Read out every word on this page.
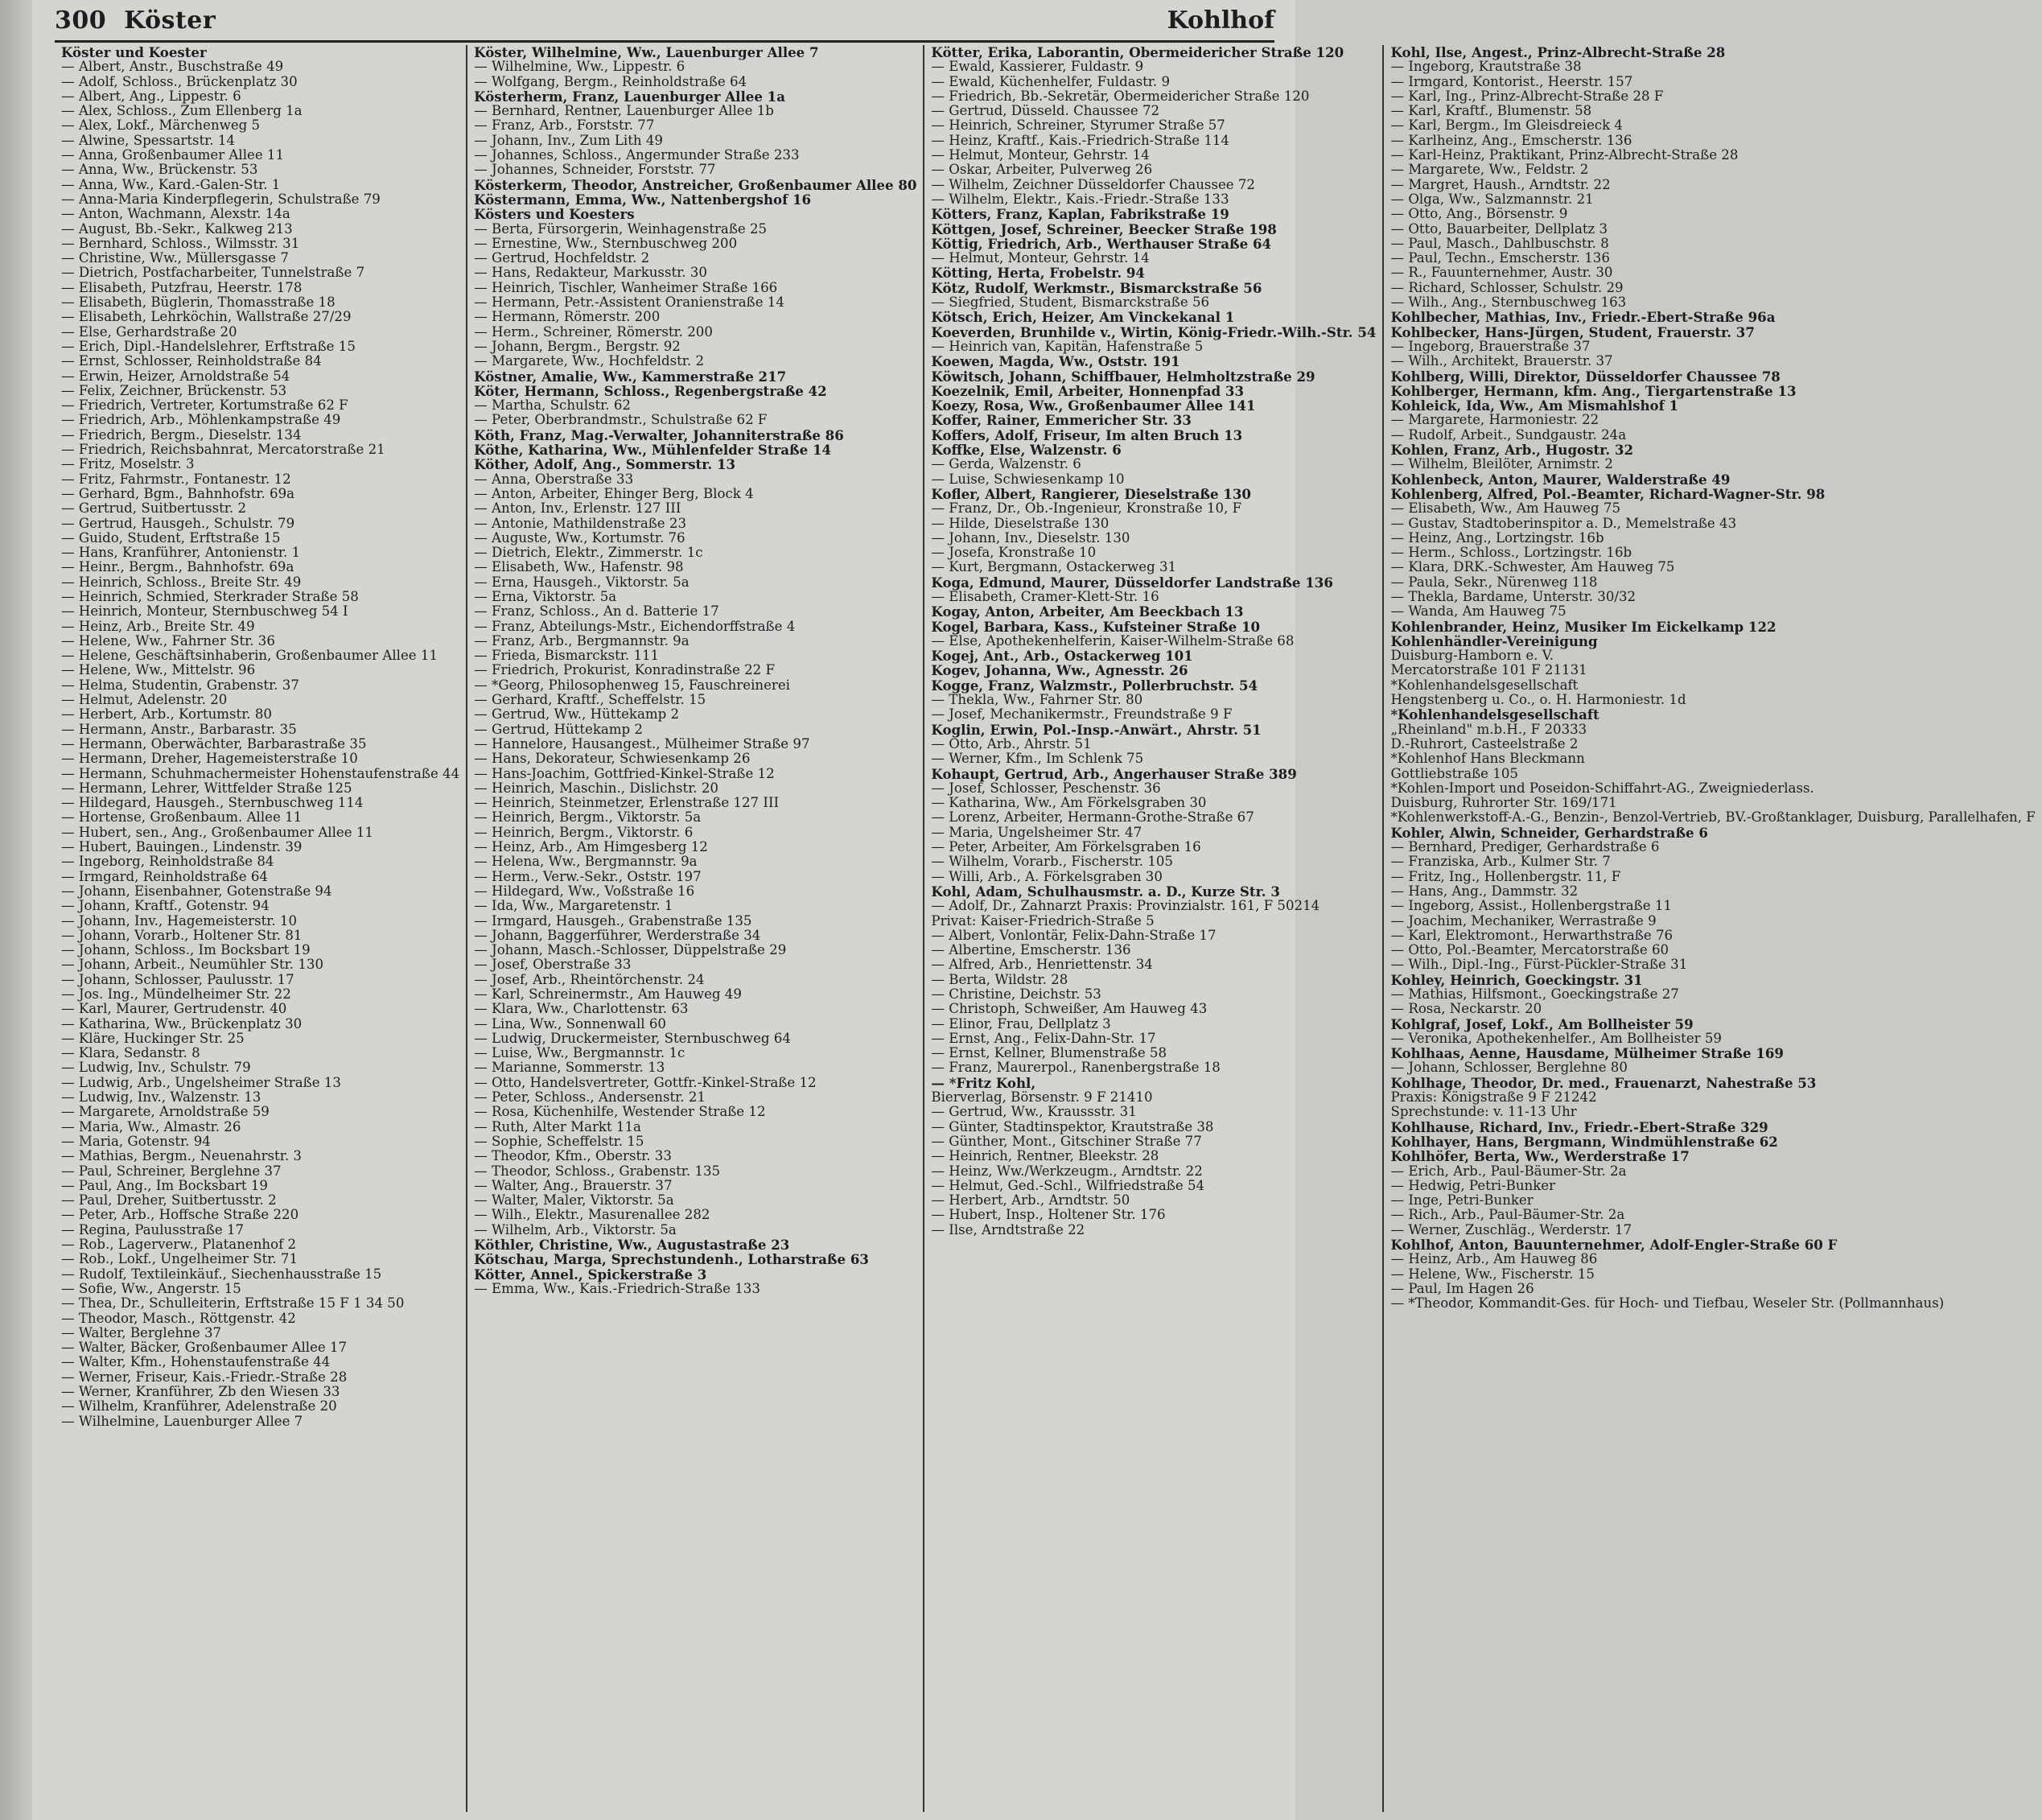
300 Köster	Kohlhof
Köster und Koester
— Albert, Anstr., Buschstraße 49
— Adolf, Schloss., Brückenplatz 30
— Albert, Ang., Lippestr. 6
— Alex, Schloss., Zum Ellenberg 1a
— Alex, Lokf., Märchenweg 5
— Alwine, Spessartstr. 14
— Anna, Großenbaumer Allee 11
— Anna, Ww., Brückenstr. 53
— Anna, Ww., Kard.-Galen-Str. 1
— Anna-Maria Kinderpflegerin, Schulstraße 79
— Anton, Wachmann, Alexstr. 14a
— August, Bb.-Sekr., Kalkweg 213
— Bernhard, Schloss., Wilmsstr. 31
— Christine, Ww., Müllersgasse 7
— Dietrich, Postfacharbeiter, Tunnelstraße 7
— Elisabeth, Putzfrau, Heerstr. 178
— Elisabeth, Büglerin, Thomasstraße 18
— Elisabeth, Lehrköchin, Wallstraße 27/29
— Else, Gerhardstraße 20
— Erich, Dipl.-Handelslehrer, Erftstraße 15
— Ernst, Schlosser, Reinholdstraße 84
— Erwin, Heizer, Arnoldstraße 54
— Felix, Zeichner, Brückenstr. 53
— Friedrich, Vertreter, Kortumstraße 62 F
— Friedrich, Arb., Möhlenkampstraße 49
— Friedrich, Bergm., Dieselstr. 134
— Friedrich, Reichsbahnrat, Mercatorstraße 21
— Fritz, Moselstr. 3
— Fritz, Fahrmstr., Fontanestr. 12
— Gerhard, Bgm., Bahnhofstr. 69a
— Gertrud, Suitbertusstr. 2
— Gertrud, Hausgeh., Schulstr. 79
— Guido, Student, Erftstraße 15
— Hans, Kranführer, Antonienstr. 1
— Heinr., Bergm., Bahnhofstr. 69a
— Heinrich, Schloss., Breite Str. 49
— Heinrich, Schmied, Sterkrader Straße 58
— Heinrich, Monteur, Sternbuschweg 54 I
— Heinz, Arb., Breite Str. 49
— Helene, Ww., Fahrner Str. 36
— Helene, Geschäftsinhaberin, Großenbaumer Allee 11
— Helene, Ww., Mittelstr. 96
— Helma, Studentin, Grabenstr. 37
— Helmut, Adelenstr. 20
— Herbert, Arb., Kortumstr. 80
— Hermann, Anstr., Barbarastr. 35
— Hermann, Oberwächter, Barbarastraße 35
— Hermann, Dreher, Hagemeisterstraße 10
— Hermann, Schuhmachermeister Hohenstaufenstraße 44
— Hermann, Lehrer, Wittfelder Straße 125
— Hildegard, Hausgeh., Sternbuschweg 114
— Hortense, Großenbaum. Allee 11
— Hubert, sen., Ang., Großenbaumer Allee 11
— Hubert, Bauingen., Lindenstr. 39
— Ingeborg, Reinholdstraße 84
— Irmgard, Reinholdstraße 64
— Johann, Eisenbahner, Gotenstraße 94
— Johann, Kraftf., Gotenstr. 94
— Johann, Inv., Hagemeisterstr. 10
— Johann, Vorarb., Holtener Str. 81
— Johann, Schloss., Im Bocksbart 19
— Johann, Arbeit., Neumühler Str. 130
— Johann, Schlosser, Paulusstr. 17
— Jos. Ing., Mündelheimer Str. 22
— Karl, Maurer, Gertrudenstr. 40
— Katharina, Ww., Brückenplatz 30
— Kläre, Huckinger Str. 25
— Klara, Sedanstr. 8
— Ludwig, Inv., Schulstr. 79
— Ludwig, Arb., Ungelsheimer Straße 13
— Ludwig, Inv., Walzenstr. 13
— Margarete, Arnoldstraße 59
— Maria, Ww., Almastr. 26
— Maria, Gotenstr. 94
— Mathias, Bergm., Neuenahrstr. 3
— Paul, Schreiner, Berglehne 37
— Paul, Ang., Im Bocksbart 19
— Paul, Dreher, Suitbertusstr. 2
— Peter, Arb., Hoffsche Straße 220
— Regina, Paulusstraße 17
— Rob., Lagerverw., Platanenhof 2
— Rob., Lokf., Ungelheimer Str. 71
— Rudolf, Textileinkäuf., Siechenhausstraße 15
— Sofie, Ww., Angerstr. 15
— Thea, Dr., Schulleiterin, Erftstraße 15 F 1 34 50
— Theodor, Masch., Röttgenstr. 42
— Walter, Berglehne 37
— Walter, Bäcker, Großenbaumer Allee 17
— Walter, Kfm., Hohenstaufenstraße 44
— Werner, Friseur, Kais.-Friedr.-Straße 28
— Werner, Kranführer, Zb den Wiesen 33
— Wilhelm, Kranführer, Adelenstraße 20
— Wilhelmine, Lauenburger Allee 7
Köster, Wilhelmine, Ww., Lauenburger Allee 7
— Wilhelmine, Ww., Lippestr. 6
— Wolfgang, Bergm., Reinholdstraße 64
Kösterherm, Franz, Lauenburger Allee 1a
— Bernhard, Rentner, Lauenburger Allee 1b
— Franz, Arb., Forststr. 77
— Johann, Inv., Zum Lith 49
— Johannes, Schloss., Angermunder Straße 233
— Johannes, Schneider, Forststr. 77
Kösterkerm, Theodor, Anstreicher, Großenbaumer Allee 80
Köstermann, Emma, Ww., Nattenbergshof 16
Kösters und Koesters
— Berta, Fürsorgerin, Weinhagenstraße 25
— Ernestine, Ww., Sternbuschweg 200
— Gertrud, Hochfeldstr. 2
— Hans, Redakteur, Markusstr. 30
— Heinrich, Tischler, Wanheimer Straße 166
— Hermann, Petr.-Assistent Oranienstraße 14
— Hermann, Römerstr. 200
— Herm., Schreiner, Römerstr. 200
— Johann, Bergm., Bergstr. 92
— Margarete, Ww., Hochfeldstr. 2
Köstner, Amalie, Ww., Kammerstraße 217
Köter, Hermann, Schloss., Regenbergstraße 42
— Martha, Schulstr. 62
— Peter, Oberbrandmstr., Schulstraße 62 F
Köth, Franz, Mag.-Verwalter, Johanniterstraße 86
Köthe, Katharina, Ww., Mühlenfelder Straße 14
Köther, Adolf, Ang., Sommerstr. 13
— Anna, Oberstraße 33
— Anton, Arbeiter, Ehinger Berg, Block 4
— Anton, Inv., Erlenstr. 127 III
— Antonie, Mathildenstraße 23
— Auguste, Ww., Kortumstr. 76
— Dietrich, Elektr., Zimmerstr. 1c
— Elisabeth, Ww., Hafenstr. 98
— Erna, Hausgeh., Viktorstr. 5a
— Erna, Viktorstr. 5a
— Franz, Schloss., An d. Batterie 17
— Franz, Abteilungs-Mstr., Eichendorffstraße 4
— Franz, Arb., Bergmannstr. 9a
— Frieda, Bismarckstr. 111
— Friedrich, Prokurist, Konradinstraße 22 F
— *Georg, Philosophenweg 15, Fauschreinerei
— Gerhard, Kraftf., Scheffelstr. 15
— Gertrud, Ww., Hüttekamp 2
— Gertrud, Hüttekamp 2
— Hannelore, Hausangest., Mülheimer Straße 97
— Hans, Dekorateur, Schwiesenkamp 26
— Hans-Joachim, Gottfried-Kinkel-Straße 12
— Heinrich, Maschin., Dislichstr. 20
— Heinrich, Steinmetzer, Erlenstraße 127 III
— Heinrich, Bergm., Viktorstr. 5a
— Heinrich, Bergm., Viktorstr. 6
— Heinz, Arb., Am Himgesberg 12
— Helena, Ww., Bergmannstr. 9a
— Herm., Verw.-Sekr., Oststr. 197
— Hildegard, Ww., Voßstraße 16
— Ida, Ww., Margaretenstr. 1
— Irmgard, Hausgeh., Grabenstraße 135
— Johann, Baggerführer, Werderstraße 34
— Johann, Masch.-Schlosser, Düppelstraße 29
— Josef, Oberstraße 33
— Josef, Arb., Rheintörchenstr. 24
— Karl, Schreinermstr., Am Hauweg 49
— Klara, Ww., Charlottenstr. 63
— Lina, Ww., Sonnenwall 60
— Ludwig, Druckermeister, Sternbuschweg 64
— Luise, Ww., Bergmannstr. 1c
— Marianne, Sommerstr. 13
— Otto, Handelsvertreter, Gottfr.-Kinkel-Straße 12
— Peter, Schloss., Andersenstr. 21
— Rosa, Küchenhilfe, Westender Straße 12
— Ruth, Alter Markt 11a
— Sophie, Scheffelstr. 15
— Theodor, Kfm., Oberstr. 33
— Theodor, Schloss., Grabenstr. 135
— Walter, Ang., Brauerstr. 37
— Walter, Maler, Viktorstr. 5a
— Wilh., Elektr., Masurenallee 282
— Wilhelm, Arb., Viktorstr. 5a
Köthler, Christine, Ww., Augustastraße 23
Kötschau, Marga, Sprechstundenh., Lotharstraße 63
Kötter, Annel., Spickerstraße 3
— Emma, Ww., Kais.-Friedrich-Straße 133
Kötter, Erika, Laborantin, Obermeidericher Straße 120
— Ewald, Kassierer, Fuldastr. 9
— Ewald, Küchenhelfer, Fuldastr. 9
— Friedrich, Bb.-Sekretär, Obermeidericher Straße 120
— Gertrud, Düsseld. Chaussee 72
— Heinrich, Schreiner, Styrumer Straße 57
— Heinz, Kraftf., Kais.-Friedrich-Straße 114
— Helmut, Monteur, Gehrstr. 14
— Oskar, Arbeiter, Pulverweg 26
— Wilhelm, Zeichner Düsseldorfer Chaussee 72
— Wilhelm, Elektr., Kais.-Friedr.-Straße 133
Kötters, Franz, Kaplan, Fabrikstraße 19
Köttgen, Josef, Schreiner, Beecker Straße 198
Köttig, Friedrich, Arb., Werthauser Straße 64
— Helmut, Monteur, Gehrstr. 14
Kötting, Herta, Frobelstr. 94
Kötz, Rudolf, Werkmstr., Bismarckstraße 56
— Siegfried, Student, Bismarckstraße 56
Kötsch, Erich, Heizer, Am Vinckekanal 1
Koeverden, Brunhilde v., Wirtin, König-Friedr.-Wilh.-Str. 54
— Heinrich van, Kapitän, Hafenstraße 5
Koewen, Magda, Ww., Oststr. 191
Köwitsch, Johann, Schiffbauer, Helmholtzstraße 29
Koezelnik, Emil, Arbeiter, Honnenpfad 33
Koezy, Rosa, Ww., Großenbaumer Allee 141
Koffer, Rainer, Emmericher Str. 33
Koffers, Adolf, Friseur, Im alten Bruch 13
Koffke, Else, Walzenstr. 6
— Gerda, Walzenstr. 6
— Luise, Schwiesenkamp 10
Kofler, Albert, Rangierer, Dieselstraße 130
— Franz, Dr., Ob.-Ingenieur, Kronstraße 10, F
— Hilde, Dieselstraße 130
— Johann, Inv., Dieselstr. 130
— Josefa, Kronstraße 10
— Kurt, Bergmann, Ostackerweg 31
Koga, Edmund, Maurer, Düsseldorfer Landstraße 136
— Elisabeth, Cramer-Klett-Str. 16
Kogay, Anton, Arbeiter, Am Beeckbach 13
Kogel, Barbara, Kass., Kufsteiner Straße 10
— Else, Apothekenhelferin, Kaiser-Wilhelm-Straße 68
Kogej, Ant., Arb., Ostackerweg 101
Kogev, Johanna, Ww., Agnesstr. 26
Kogge, Franz, Walzmstr., Pollerbruchstr. 54
— Thekla, Ww., Fahrner Str. 80
— Josef, Mechanikermstr., Freundstraße 9 F
Koglin, Erwin, Pol.-Insp.-Anwärt., Ahrstr. 51
— Otto, Arb., Ahrstr. 51
— Werner, Kfm., Im Schlenk 75
Kohaupt, Gertrud, Arb., Angerhauser Straße 389
— Josef, Schlosser, Peschenstr. 36
— Katharina, Ww., Am Förkelsgraben 30
— Lorenz, Arbeiter, Hermann-Grothe-Straße 67
— Maria, Ungelsheimer Str. 47
— Peter, Arbeiter, Am Förkelsgraben 16
— Wilhelm, Vorarb., Fischerstr. 105
— Willi, Arb., A. Förkelsgraben 30
Kohl, Adam, Schulhausmstr. a. D., Kurze Str. 3
— Adolf, Dr., Zahnarzt Praxis: Provinzialstr. 161, F 50214
Privat: Kaiser-Friedrich-Straße 5
— Albert, Vonlontär, Felix-Dahn-Straße 17
— Albertine, Emscherstr. 136
— Alfred, Arb., Henriettenstr. 34
— Berta, Wildstr. 28
— Christine, Deichstr. 53
— Christoph, Schweißer, Am Hauweg 43
— Elinor, Frau, Dellplatz 3
— Ernst, Ang., Felix-Dahn-Str. 17
— Ernst, Kellner, Blumenstraße 58
— Franz, Maurerpol., Ranenbergstraße 18
— *Fritz Kohl,
Bierverlag, Börsenstr. 9 F 21410
— Gertrud, Ww., Kraussstr. 31
— Günter, Stadtinspektor, Krautstraße 38
— Günther, Mont., Gitschiner Straße 77
— Heinrich, Rentner, Bleekstr. 28
— Heinz, Ww./Werkzeugm., Arndtstr. 22
— Helmut, Ged.-Schl., Wilfriedstraße 54
— Herbert, Arb., Arndtstr. 50
— Hubert, Insp., Holtener Str. 176
— Ilse, Arndtstraße 22
Kohl, Ilse, Angest., Prinz-Albrecht-Straße 28
— Ingeborg, Krautstraße 38
— Irmgard, Kontorist., Heerstr. 157
— Karl, Ing., Prinz-Albrecht-Straße 28 F
— Karl, Kraftf., Blumenstr. 58
— Karl, Bergm., Im Gleisdreieck 4
— Karlheinz, Ang., Emscherstr. 136
— Karl-Heinz, Praktikant, Prinz-Albrecht-Straße 28
— Margarete, Ww., Feldstr. 2
— Margret, Haush., Arndtstr. 22
— Olga, Ww., Salzmannstr. 21
— Otto, Ang., Börsenstr. 9
— Otto, Bauarbeiter, Dellplatz 3
— Paul, Masch., Dahlbuschstr. 8
— Paul, Techn., Emscherstr. 136
— R., Fauunternehmer, Austr. 30
— Richard, Schlosser, Schulstr. 29
— Wilh., Ang., Sternbuschweg 163
Kohlbecher, Mathias, Inv., Friedr.-Ebert-Straße 96a
Kohlbecker, Hans-Jürgen, Student, Frauerstr. 37
— Ingeborg, Brauerstraße 37
— Wilh., Architekt, Brauerstr. 37
Kohlberg, Willi, Direktor, Düsseldorfer Chaussee 78
Kohlberger, Hermann, kfm. Ang., Tiergartenstraße 13
Kohleick, Ida, Ww., Am Mismahlshof 1
— Margarete, Harmoniestr. 22
— Rudolf, Arbeit., Sundgaustr. 24a
Kohlen, Franz, Arb., Hugostr. 32
— Wilhelm, Bleilöter, Arnimstr. 2
Kohlenbeck, Anton, Maurer, Walderstraße 49
Kohlenberg, Alfred, Pol.-Beamter, Richard-Wagner-Str. 98
— Elisabeth, Ww., Am Hauweg 75
— Gustav, Stadtoberinspitor a. D., Memelstraße 43
— Heinz, Ang., Lortzingstr. 16b
— Herm., Schloss., Lortzingstr. 16b
— Klara, DRK.-Schwester, Am Hauweg 75
— Paula, Sekr., Nürenweg 118
— Thekla, Bardame, Unterstr. 30/32
— Wanda, Am Hauweg 75
Kohlenbrander, Heinz, Musiker Im Eickelkamp 122
Kohlenhändler-Vereinigung
Duisburg-Hamborn e. V.
Mercatorstraße 101 F 21131
*Kohlenhandelsgesellschaft
Hengstenberg u. Co., o. H. Harmoniestr. 1d
*Kohlenhandelsgesellschaft
„Rheinland" m.b.H., F 20333
D.-Ruhrort, Casteelstraße 2
*Kohlenhof Hans Bleckmann
Gottliebstraße 105
*Kohlen-Import und Poseidon-Schiffahrt-AG., Zweigniederlass.
Duisburg, Ruhrorter Str. 169/171
*Kohlenwerkstoff-A.-G., Benzin-, Benzol-Vertrieb, BV.-Großtanklager, Duisburg, Parallelhafen, F
Kohler, Alwin, Schneider, Gerhardstraße 6
— Bernhard, Prediger, Gerhardstraße 6
— Franziska, Arb., Kulmer Str. 7
— Fritz, Ing., Hollenbergstr. 11, F
— Hans, Ang., Dammstr. 32
— Ingeborg, Assist., Hollenbergstraße 11
— Joachim, Mechaniker, Werrastraße 9
— Karl, Elektromont., Herwarthstraße 76
— Otto, Pol.-Beamter, Mercatorstraße 60
— Wilh., Dipl.-Ing., Fürst-Pückler-Straße 31
Kohley, Heinrich, Goeckingstr. 31
— Mathias, Hilfsmont., Goeckingstraße 27
— Rosa, Neckarstr. 20
Kohlgraf, Josef, Lokf., Am Bollheister 59
— Veronika, Apothekenhelfer., Am Bollheister 59
Kohlhaas, Aenne, Hausdame, Mülheimer Straße 169
— Johann, Schlosser, Berglehne 80
Kohlhage, Theodor, Dr. med., Frauenarzt, Nahestraße 53
Praxis: Königstraße 9 F 21242
Sprechstunde: v. 11-13 Uhr
Kohlhause, Richard, Inv., Friedr.-Ebert-Straße 329
Kohlhayer, Hans, Bergmann, Windmühlenstraße 62
Kohlhöfer, Berta, Ww., Werderstraße 17
— Erich, Arb., Paul-Bäumer-Str. 2a
— Hedwig, Petri-Bunker
— Inge, Petri-Bunker
— Rich., Arb., Paul-Bäumer-Str. 2a
— Werner, Zuschläg., Werderstr. 17
Kohlhof, Anton, Bauunternehmer, Adolf-Engler-Straße 60 F
— Heinz, Arb., Am Hauweg 86
— Helene, Ww., Fischerstr. 15
— Paul, Im Hagen 26
— *Theodor, Kommandit-Ges. für Hoch- und Tiefbau, Weseler Str. (Pollmannhaus)
